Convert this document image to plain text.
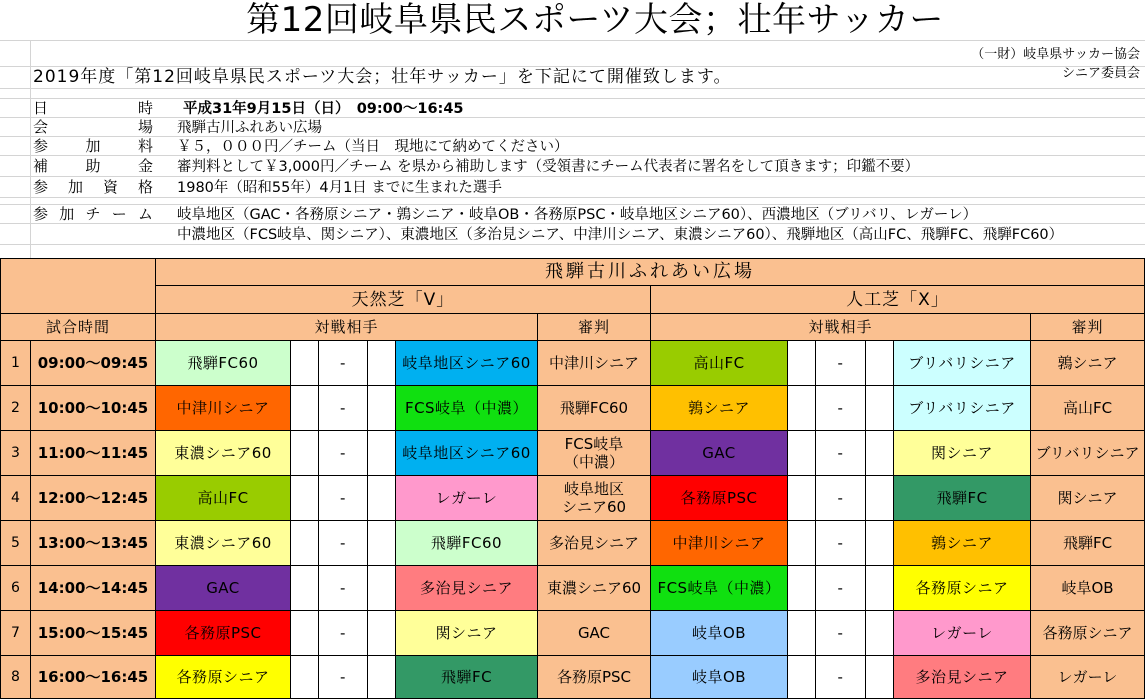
第12回岐阜県民スポーツ大会；壮年サッカー
（一財）岐阜県サッカー協会
シニア委員会
2019年度「第12回岐阜県民スポーツ大会；壮年サッカー」を下記にて開催致します。
日	時 平成31年9月15日（日）　09:00〜16:45
会	場 飛騨古川ふれあい広場
参 加 料 ￥５，０００円／チーム（当日　現地にて納めてください）
補 助 金 審判料として￥3,000円／チーム を県から補助します（受領書にチーム代表者に署名をして頂きます；印鑑不要）
参 加 資 格 1980年（昭和55年）4月1日 までに生まれた選手
参 加 チ ー ム 岐阜地区（GAC・各務原シニア・鶉シニア・岐阜OB・各務原PSC・岐阜地区シニア60）、西濃地区（ブリバリ、レガーレ）
中濃地区（FCS岐阜、関シニア）、東濃地区（多治見シニア、中津川シニア、東濃シニア60）、飛騨地区（高山FC、飛騨FC、飛騨FC60）
飛騨古川ふれあい広場
天然芝「V」	人工芝「X」
試合時間	対戦相手	審判	対戦相手	審判
1	09:00〜09:45	飛騨FC60	-	岐阜地区シニア60	中津川シニア	高山FC	-	ブリバリシニア	鶉シニア
2	10:00〜10:45	中津川シニア	-	FCS岐阜（中濃）	飛騨FC60	鶉シニア	-	ブリバリシニア	高山FC
3	11:00〜11:45	東濃シニア60	-	岐阜地区シニア60	FCS岐阜
（中濃）	GAC	-	関シニア	ブリバリシニア
4	12:00〜12:45	高山FC	-	レガーレ	岐阜地区
シニア60	各務原PSC	-	飛騨FC	関シニア
5	13:00〜13:45	東濃シニア60	-	飛騨FC60	多治見シニア	中津川シニア	-	鶉シニア	飛騨FC
6	14:00〜14:45	GAC	-	多治見シニア	東濃シニア60	FCS岐阜（中濃）	-	各務原シニア	岐阜OB
7	15:00〜15:45	各務原PSC	-	関シニア	GAC	岐阜OB	-	レガーレ	各務原シニア
8	16:00〜16:45	各務原シニア	-	飛騨FC	各務原PSC	岐阜OB	-	多治見シニア	レガーレ
